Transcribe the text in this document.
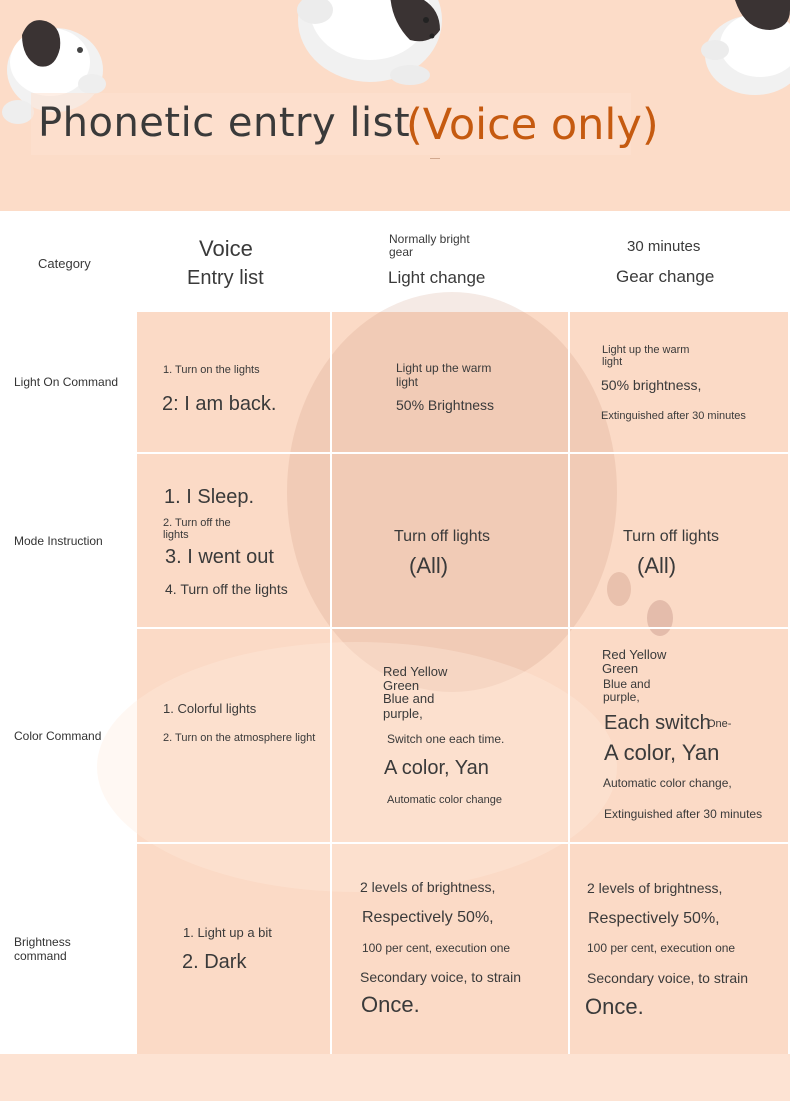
Phonetic entry list
(Voice only)
Category
Voice
Entry list
Normally bright gear
Light change
30 minutes
Gear change
Light On Command
Mode Instruction
Color Command
Brightness command
1. Turn on the lights
2: I am back.
Light up the warm light
50% Brightness
Light up the warm light
50% brightness,
Extinguished after 30 minutes
1. I Sleep.
2. Turn off the lights
3. I went out
4. Turn off the lights
Turn off lights
(All)
Turn off lights
(All)
1. Colorful lights
2. Turn on the atmosphere light
Red Yellow Green
Blue and purple,
Switch one each time.
A color, Yan
Automatic color change
Red Yellow Green
Blue and purple,
Each switch
One-
A color, Yan
Automatic color change,
Extinguished after 30 minutes
1. Light up a bit
2. Dark
2 levels of brightness,
Respectively 50%,
100 per cent, execution one
Secondary voice, to strain
Once.
2 levels of brightness,
Respectively 50%,
100 per cent, execution one
Secondary voice, to strain
Once.
